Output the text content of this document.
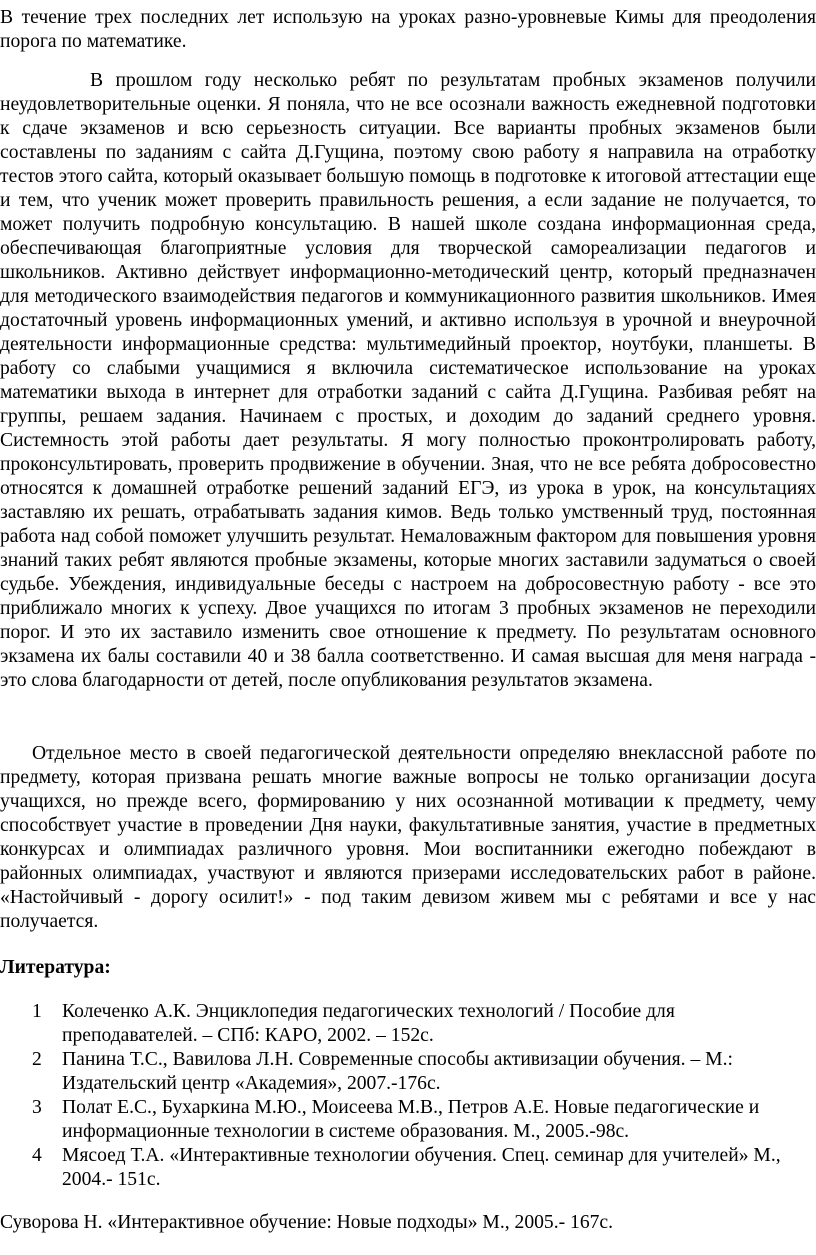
В течение трех последних лет использую на уроках разно-уровневые Кимы для преодоления порога по математике.

В прошлом году несколько ребят по результатам пробных экзаменов получили неудовлетворительные оценки. Я поняла, что не все осознали важность ежедневной подготовки к сдаче экзаменов и всю серьезность ситуации. Все варианты пробных экзаменов были составлены по заданиям с сайта Д.Гущина, поэтому свою работу я направила на отработку тестов этого сайта, который оказывает большую помощь в подготовке к итоговой аттестации еще и тем, что ученик может проверить правильность решения, а если задание не получается, то может получить подробную консультацию. В нашей школе создана информационная среда, обеспечивающая благоприятные условия для творческой самореализации педагогов и школьников. Активно действует информационно-методический центр, который предназначен для методического взаимодействия педагогов и коммуникационного развития школьников. Имея достаточный уровень информационных умений, и активно используя в урочной и внеурочной деятельности информационные средства: мультимедийный проектор, ноутбуки, планшеты. В работу со слабыми учащимися я включила систематическое использование на уроках математики выхода в интернет для отработки заданий с сайта Д.Гущина. Разбивая ребят на группы, решаем задания. Начинаем с простых, и доходим до заданий среднего уровня. Системность этой работы дает результаты. Я могу полностью проконтролировать работу, проконсультировать, проверить продвижение в обучении. Зная, что не все ребята добросовестно относятся к домашней отработке решений заданий ЕГЭ, из урока в урок, на консультациях заставляю их решать, отрабатывать задания кимов. Ведь только умственный труд, постоянная работа над собой поможет улучшить результат. Немаловажным фактором для повышения уровня знаний таких ребят являются пробные экзамены, которые многих заставили задуматься о своей судьбе. Убеждения, индивидуальные беседы с настроем на добросовестную работу - все это приближало многих к успеху. Двое учащихся по итогам 3 пробных экзаменов не переходили порог. И это их заставило изменить свое отношение к предмету. По результатам основного экзамена их балы составили 40 и 38 балла соответственно. И самая высшая для меня награда - это слова благодарности от детей, после опубликования результатов экзамена.

Отдельное место в своей педагогической деятельности определяю внеклассной работе по предмету, которая призвана решать многие важные вопросы не только организации досуга учащихся, но прежде всего, формированию у них осознанной мотивации к предмету, чему способствует участие в проведении Дня науки, факультативные занятия, участие в предметных конкурсах и олимпиадах различного уровня. Мои воспитанники ежегодно побеждают в районных олимпиадах, участвуют и являются призерами исследовательских работ в районе. «Настойчивый - дорогу осилит!» - под таким девизом живем мы с ребятами и все у нас получается.

Литература:

1 Колеченко А.К. Энциклопедия педагогических технологий / Пособие для преподавателей. – СПб: КАРО, 2002. – 152с.
2 Панина Т.С., Вавилова Л.Н. Современные способы активизации обучения. – М.: Издательский центр «Академия», 2007.-176с.
3 Полат Е.С., Бухаркина М.Ю., Моисеева М.В., Петров А.Е. Новые педагогические и информационные технологии в системе образования. М., 2005.-98с.
4 Мясоед Т.А. «Интерактивные технологии обучения. Спец. семинар для учителей» М., 2004.- 151с.

Суворова Н. «Интерактивное обучение: Новые подходы» М., 2005.- 167с.
